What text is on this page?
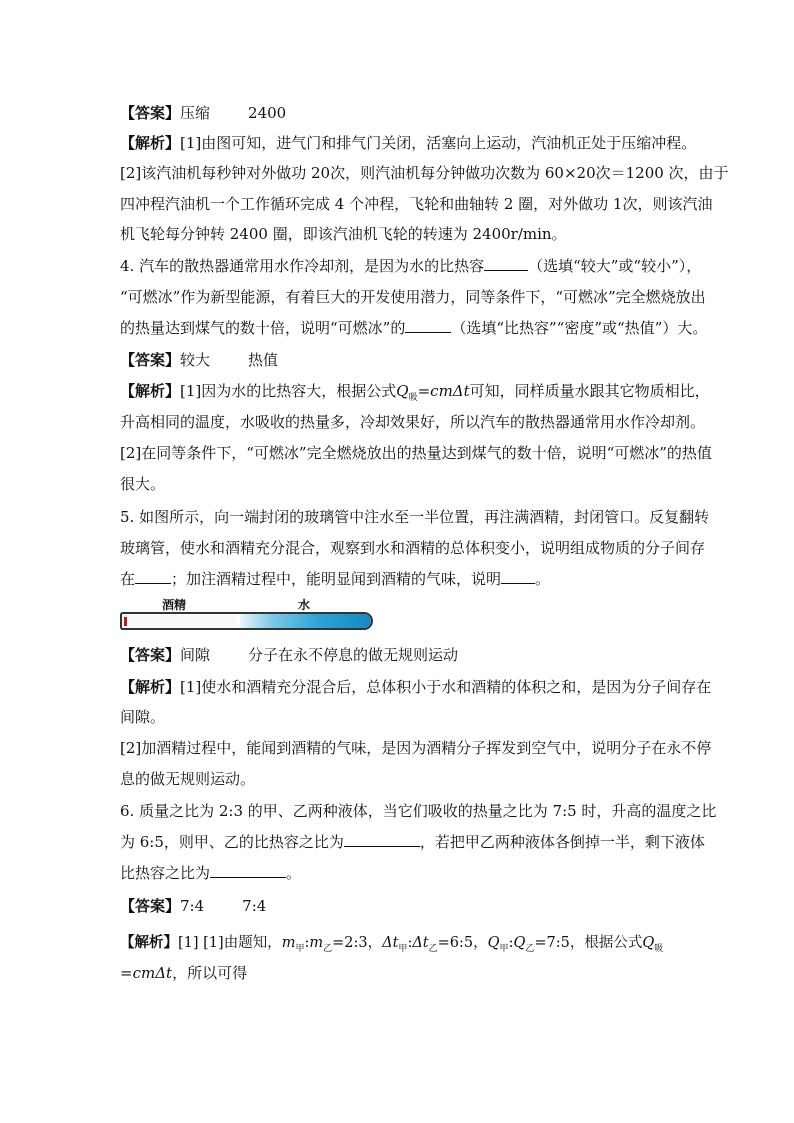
【答案】压缩	2400
【解析】[1]由图可知，进气门和排气门关闭，活塞向上运动，汽油机正处于压缩冲程。
[2]该汽油机每秒钟对外做功 20次，则汽油机每分钟做功次数为 60×20次＝1200 次，由于
四冲程汽油机一个工作循环完成 4 个冲程，飞轮和曲轴转 2 圈，对外做功 1次，则该汽油
机飞轮每分钟转 2400 圈，即该汽油机飞轮的转速为 2400r/min。
4. 汽车的散热器通常用水作冷却剂，是因为水的比热容	（选填“较大”或“较小”），
“可燃冰”作为新型能源，有着巨大的开发使用潜力，同等条件下，“可燃冰”完全燃烧放出
的热量达到煤气的数十倍，说明“可燃冰”的	（选填“比热容”“密度”或“热值”）大。
【答案】较大	热值
【解析】[1]因为水的比热容大，根据公式$Q_吸=cm\Delta t$可知，同样质量水跟其它物质相比，
升高相同的温度，水吸收的热量多，冷却效果好，所以汽车的散热器通常用水作冷却剂。
[2]在同等条件下，“可燃冰”完全燃烧放出的热量达到煤气的数十倍，说明“可燃冰”的热值
很大。
5. 如图所示，向一端封闭的玻璃管中注水至一半位置，再注满酒精，封闭管口。反复翻转
玻璃管，使水和酒精充分混合，观察到水和酒精的总体积变小，说明组成物质的分子间存
在 ；加注酒精过程中，能明显闻到酒精的气味，说明 。
酒精	水
【答案】间隙	分子在永不停息的做无规则运动
【解析】[1]使水和酒精充分混合后，总体积小于水和酒精的体积之和，是因为分子间存在
间隙。
[2]加酒精过程中，能闻到酒精的气味，是因为酒精分子挥发到空气中，说明分子在永不停
息的做无规则运动。
6. 质量之比为 2:3 的甲、乙两种液体，当它们吸收的热量之比为 7:5 时，升高的温度之比
为 6:5，则甲、乙的比热容之比为	，若把甲乙两种液体各倒掉一半，剩下液体
比热容之比为	。
【答案】7:4	7:4
【解析】[1] [1]由题知，$m_甲:m_乙=2:3$，$\Delta t_甲:\Delta t_乙=6:5$，$Q_甲:Q_乙=7:5$，根据公式$Q_吸$
=cmΔt，所以可得
